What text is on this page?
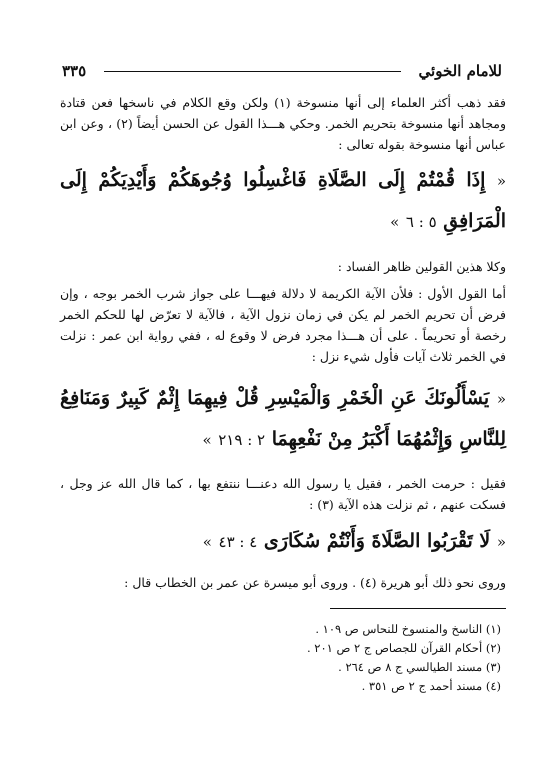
للامام الخوئي
٣٣٥
فقد ذهب أكثر العلماء إلى أنها منسوخة (١) ولكن وقع الكلام في ناسخها فعن قتادة ومجاهد أنها منسوخة بتحريم الخمر. وحكي هـــذا القول عن الحسن أيضاً (٢) ، وعن ابن عباس أنها منسوخة بقوله تعالى :
« إِذَا قُمْتُمْ إِلَى الصَّلَاةِ فَاغْسِلُوا وُجُوهَكُمْ وَأَيْدِيَكُمْ إِلَى الْمَرَافِقِ ٥ : ٦ »
وكلا هذين القولين ظاهر الفساد :
أما القول الأول : فلأن الآية الكريمة لا دلالة فيهـــا على جواز شرب الخمر بوجه ، وإن فرض أن تحريم الخمر لم يكن في زمان نزول الآية ، فالآية لا تعرّض لها للحكم الخمر رخصة أو تحريماً . على أن هـــذا مجرد فرض لا وقوع له ، ففي رواية ابن عمر : نزلت في الخمر ثلاث آيات فأول شيء نزل :
« يَسْأَلُونَكَ عَنِ الْخَمْرِ وَالْمَيْسِرِ قُلْ فِيهِمَا إِثْمٌ كَبِيرٌ وَمَنَافِعُ لِلنَّاسِ وَإِثْمُهُمَا أَكْبَرُ مِنْ نَفْعِهِمَا ٢ : ٢١٩ »
فقيل : حرمت الخمر ، فقيل يا رسول الله دعنـــا ننتفع بها ، كما قال الله عز وجل ، فسكت عنهم ، ثم نزلت هذه الآية (٣) :
« لَا تَقْرَبُوا الصَّلَاةَ وَأَنْتُمْ سُكَارَى ٤ : ٤٣ »
وروى نحو ذلك أبو هريرة (٤) . وروى أبو ميسرة عن عمر بن الخطاب قال :
(١) الناسخ والمنسوخ للنحاس ص ١٠٩ .
(٢) أحكام القرآن للجصاص ج ٢ ص ٢٠١ .
(٣) مسند الطيالسي ج ٨ ص ٢٦٤ .
(٤) مسند أحمد ج ٢ ص ٣٥١ .
